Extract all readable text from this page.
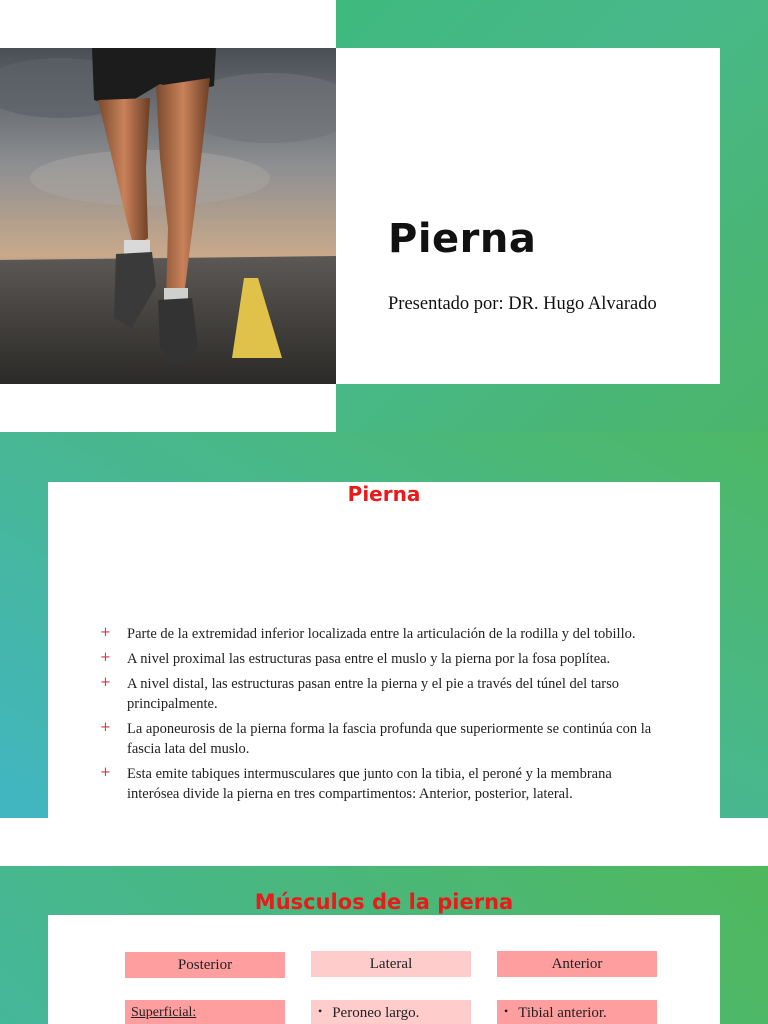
Pierna
Presentado por: DR. Hugo Alvarado
Pierna
+ Parte de la extremidad inferior localizada entre la articulación de la rodilla y del tobillo.
+ A nivel proximal las estructuras pasa entre el muslo y la pierna por la fosa poplítea.
+ A nivel distal, las estructuras pasan entre la pierna y el pie a través del túnel del tarso principalmente.
+ La aponeurosis de la pierna forma la fascia profunda que superiormente se continúa con la fascia lata del muslo.
+ Esta emite tabiques intermusculares que junto con la tibia, el peroné y la membrana interósea divide la pierna en tres compartimentos: Anterior, posterior, lateral.
Músculos de la pierna
Posterior	Lateral	Anterior
Superficial:	• Peroneo largo.	• Tibial anterior.
